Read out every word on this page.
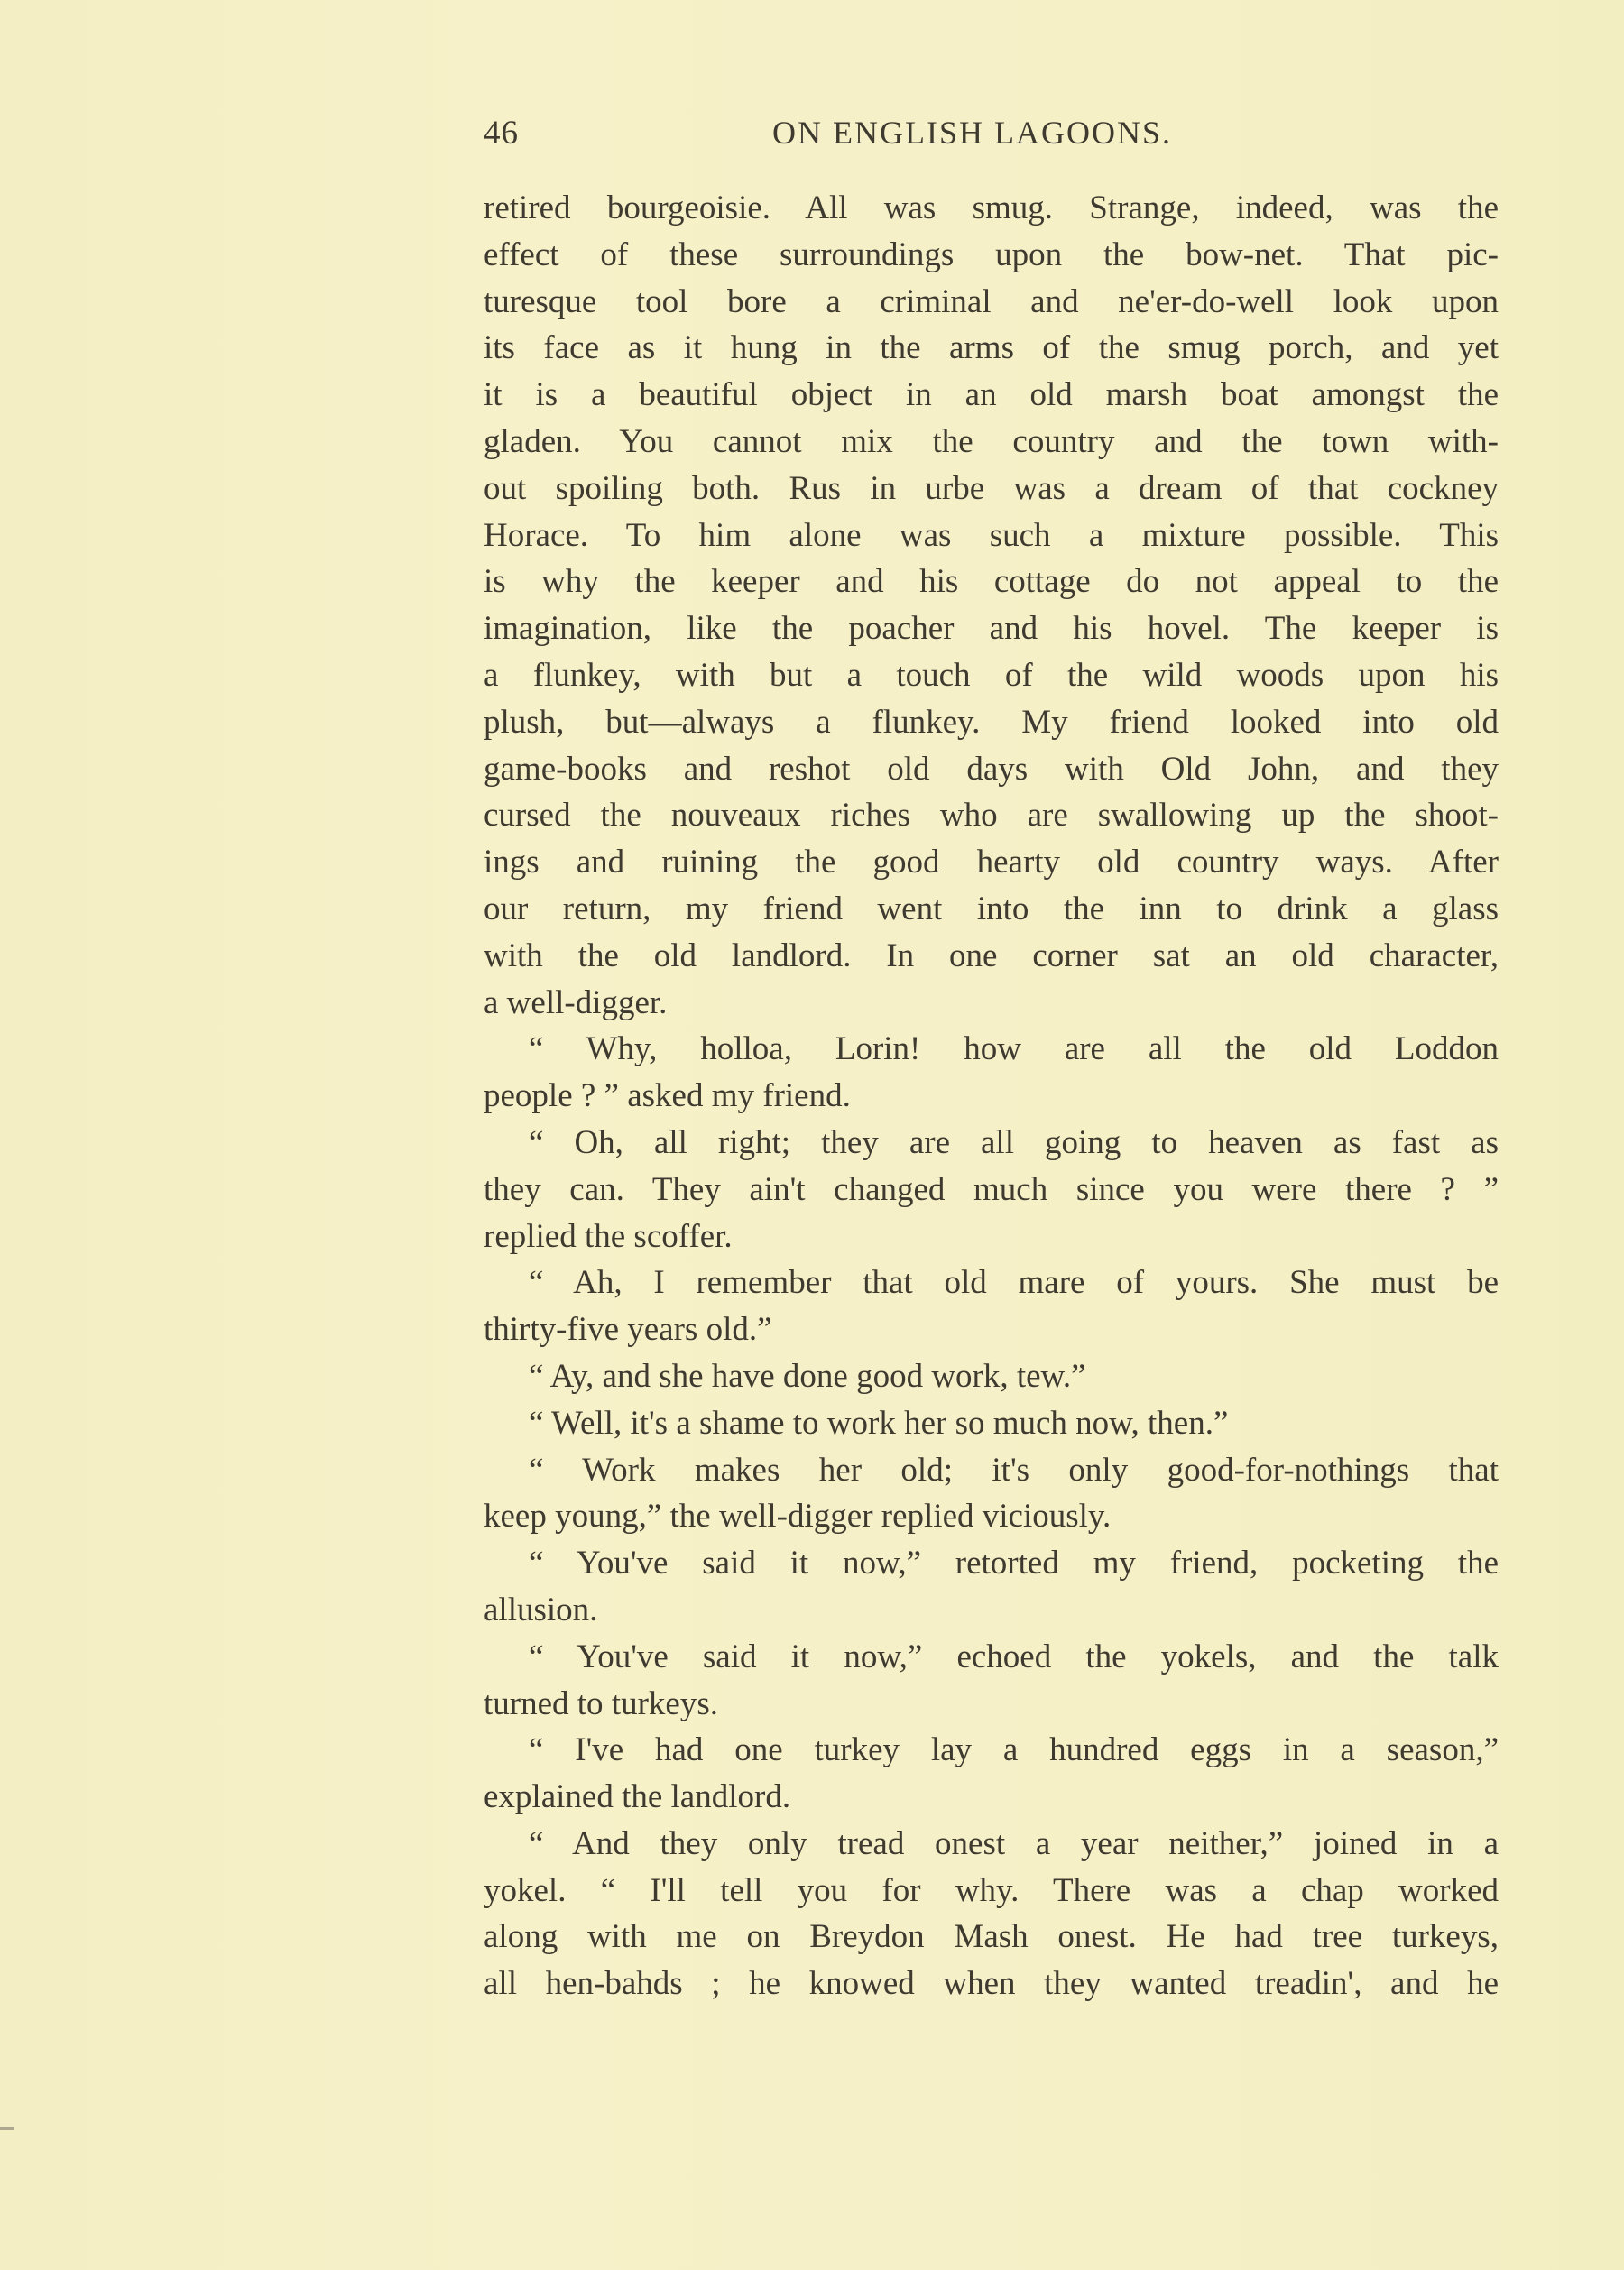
46	ON ENGLISH LAGOONS.
retired bourgeoisie. All was smug. Strange, indeed, was the
effect of these surroundings upon the bow-net. That pic-
turesque tool bore a criminal and ne'er-do-well look upon
its face as it hung in the arms of the smug porch, and yet
it is a beautiful object in an old marsh boat amongst the
gladen. You cannot mix the country and the town with-
out spoiling both. Rus in urbe was a dream of that cockney
Horace. To him alone was such a mixture possible. This
is why the keeper and his cottage do not appeal to the
imagination, like the poacher and his hovel. The keeper is
a flunkey, with but a touch of the wild woods upon his
plush, but—always a flunkey. My friend looked into old
game-books and reshot old days with Old John, and they
cursed the nouveaux riches who are swallowing up the shoot-
ings and ruining the good hearty old country ways. After
our return, my friend went into the inn to drink a glass
with the old landlord. In one corner sat an old character,
a well-digger.
“ Why, holloa, Lorin! how are all the old Loddon
people ? ” asked my friend.
“ Oh, all right; they are all going to heaven as fast as
they can. They ain't changed much since you were there ? ”
replied the scoffer.
“ Ah, I remember that old mare of yours. She must be
thirty-five years old.”
“ Ay, and she have done good work, tew.”
“ Well, it's a shame to work her so much now, then.”
“ Work makes her old; it's only good-for-nothings that
keep young,” the well-digger replied viciously.
“ You've said it now,” retorted my friend, pocketing the
allusion.
“ You've said it now,” echoed the yokels, and the talk
turned to turkeys.
“ I've had one turkey lay a hundred eggs in a season,”
explained the landlord.
“ And they only tread onest a year neither,” joined in a
yokel. “ I'll tell you for why. There was a chap worked
along with me on Breydon Mash onest. He had tree turkeys,
all hen-bahds ; he knowed when they wanted treadin', and he
